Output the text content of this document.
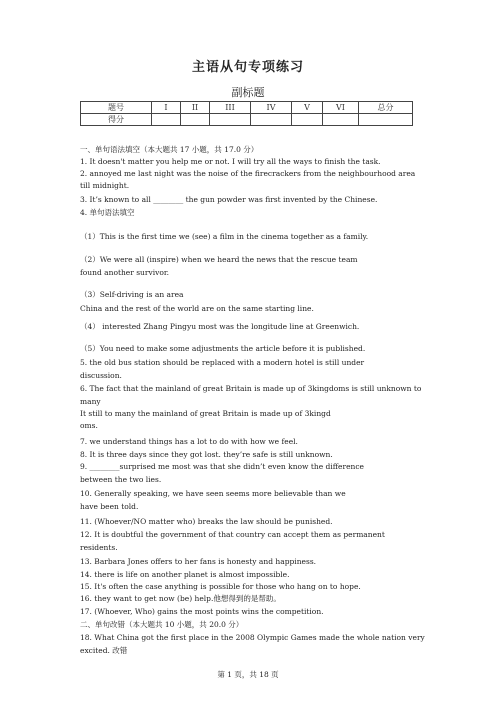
主语从句专项练习
副标题
题号	I	II	III	IV	V	VI	总分
得分							
一、单句语法填空（本大题共 17 小题，共 17.0 分）
1. It doesn't matter you help me or not. I will try all the ways to finish the task.
2. annoyed me last night was the noise of the firecrackers from the neighbourhood area
till midnight.
3. It’s known to all ________ the gun powder was first invented by the Chinese.
4. 单句语法填空
（1）This is the first time we (see) a film in the cinema together as a family.
（2）We were all (inspire) when we heard the news that the rescue team
found another survivor.
（3）Self-driving is an area
China and the rest of the world are on the same starting line.
（4） interested Zhang Pingyu most was the longitude line at Greenwich.
（5）You need to make some adjustments the article before it is published.
5. the old bus station should be replaced with a modern hotel is still under
discussion.
6. The fact that the mainland of great Britain is made up of 3kingdoms is still unknown to
many
It still to many the mainland of great Britain is made up of 3kingd
oms.
7. we understand things has a lot to do with how we feel.
8. It is three days since they got lost. they’re safe is still unknown.
9. ________surprised me most was that she didn’t even know the difference
between the two lies.
10. Generally speaking, we have seen seems more believable than we
have been told.
11. (Whoever/NO matter who) breaks the law should be punished.
12. It is doubtful the government of that country can accept them as permanent
residents.
13. Barbara Jones offers to her fans is honesty and happiness.
14. there is life on another planet is almost impossible.
15. It's often the case anything is possible for those who hang on to hope.
16. they want to get now (be) help.他想得到的是帮助。
17. (Whoever, Who) gains the most points wins the competition.
二、单句改错（本大题共 10 小题，共 20.0 分）
18. What China got the first place in the 2008 Olympic Games made the whole nation very
excited. 改错
第 1 页，共 18 页
